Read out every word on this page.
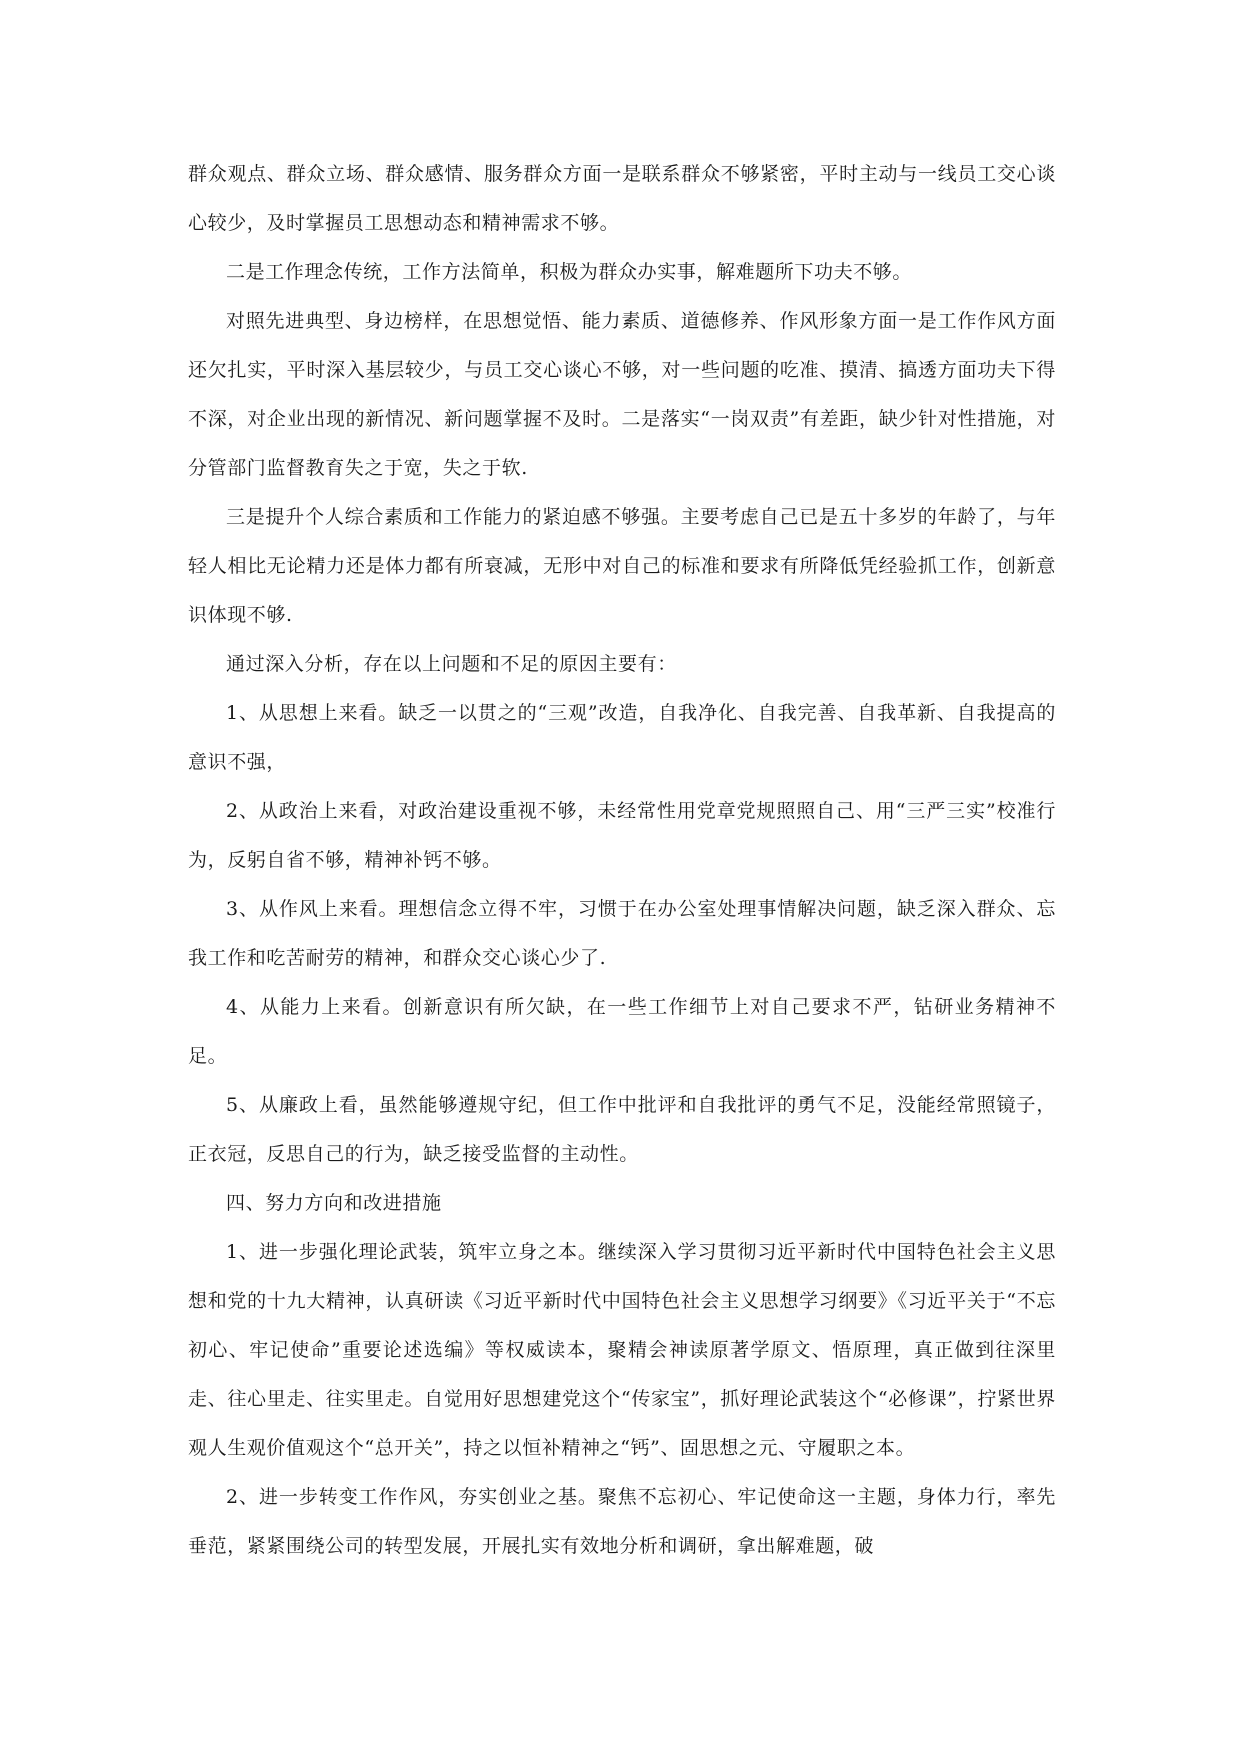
群众观点、群众立场、群众感情、服务群众方面一是联系群众不够紧密，平时主动与一线员工交心谈心较少，及时掌握员工思想动态和精神需求不够。

二是工作理念传统，工作方法简单，积极为群众办实事，解难题所下功夫不够。

对照先进典型、身边榜样，在思想觉悟、能力素质、道德修养、作风形象方面一是工作作风方面还欠扎实，平时深入基层较少，与员工交心谈心不够，对一些问题的吃准、摸清、搞透方面功夫下得不深，对企业出现的新情况、新问题掌握不及时。二是落实“一岗双责”有差距，缺少针对性措施，对分管部门监督教育失之于宽，失之于软.

三是提升个人综合素质和工作能力的紧迫感不够强。主要考虑自己已是五十多岁的年龄了，与年轻人相比无论精力还是体力都有所衰减，无形中对自己的标准和要求有所降低凭经验抓工作，创新意识体现不够.

通过深入分析，存在以上问题和不足的原因主要有：

1、从思想上来看。缺乏一以贯之的“三观”改造，自我净化、自我完善、自我革新、自我提高的意识不强，

2、从政治上来看，对政治建设重视不够，未经常性用党章党规照照自己、用“三严三实”校准行为，反躬自省不够，精神补钙不够。

3、从作风上来看。理想信念立得不牢，习惯于在办公室处理事情解决问题，缺乏深入群众、忘我工作和吃苦耐劳的精神，和群众交心谈心少了.

4、从能力上来看。创新意识有所欠缺，在一些工作细节上对自己要求不严，钻研业务精神不足。

5、从廉政上看，虽然能够遵规守纪，但工作中批评和自我批评的勇气不足，没能经常照镜子，正衣冠，反思自己的行为，缺乏接受监督的主动性。

四、努力方向和改进措施

1、进一步强化理论武装，筑牢立身之本。继续深入学习贯彻习近平新时代中国特色社会主义思想和党的十九大精神，认真研读《习近平新时代中国特色社会主义思想学习纲要》《习近平关于“不忘初心、牢记使命”重要论述选编》等权威读本，聚精会神读原著学原文、悟原理，真正做到往深里走、往心里走、往实里走。自觉用好思想建党这个“传家宝”，抓好理论武装这个“必修课”，拧紧世界观人生观价值观这个“总开关”，持之以恒补精神之“钙”、固思想之元、守履职之本。

2、进一步转变工作作风，夯实创业之基。聚焦不忘初心、牢记使命这一主题，身体力行，率先垂范，紧紧围绕公司的转型发展，开展扎实有效地分析和调研，拿出解难题，破
